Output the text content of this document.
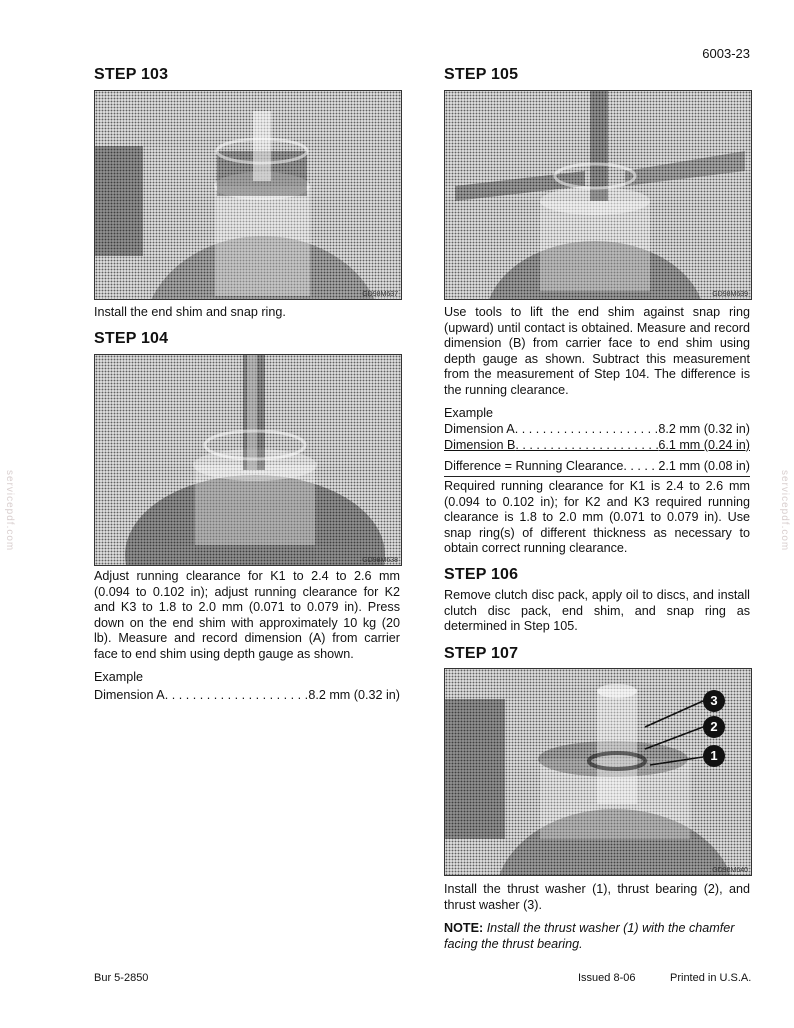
6003-23
servicepdf.com	servicepdf.com
STEP 103
GD98M637
Install the end shim and snap ring.
STEP 104
GD98M638
Adjust running clearance for K1 to 2.4 to 2.6 mm (0.094 to 0.102 in); adjust running clearance for K2 and K3 to 1.8 to 2.0 mm (0.071 to 0.079 in). Press down on the end shim with approximately 10 kg (20 lb). Measure and record dimension (A) from carrier face to end shim using depth gauge as shown.
Example
Dimension A . . .	8.2 mm (0.32 in)
STEP 105
GD98M639
Use tools to lift the end shim against snap ring (upward) until contact is obtained. Measure and record dimension (B) from carrier face to end shim using depth gauge as shown. Subtract this measurement from the measurement of Step 104. The difference is the running clearance.
Example
Dimension A . . .	8.2 mm (0.32 in)
Dimension B . . .	6.1 mm (0.24 in)
Difference = Running Clearance . . .	2.1 mm (0.08 in)
Required running clearance for K1 is 2.4 to 2.6 mm (0.094 to 0.102 in); for K2 and K3 required running clearance is 1.8 to 2.0 mm (0.071 to 0.079 in). Use snap ring(s) of different thickness as necessary to obtain correct running clearance.
STEP 106
Remove clutch disc pack, apply oil to discs, and install clutch disc pack, end shim, and snap ring as determined in Step 105.
STEP 107
3
2
1
GD98M640
Install the thrust washer (1), thrust bearing (2), and thrust washer (3).
NOTE: Install the thrust washer (1) with the chamfer facing the thrust bearing.
Bur 5-2850	Issued 8-06	Printed in U.S.A.
